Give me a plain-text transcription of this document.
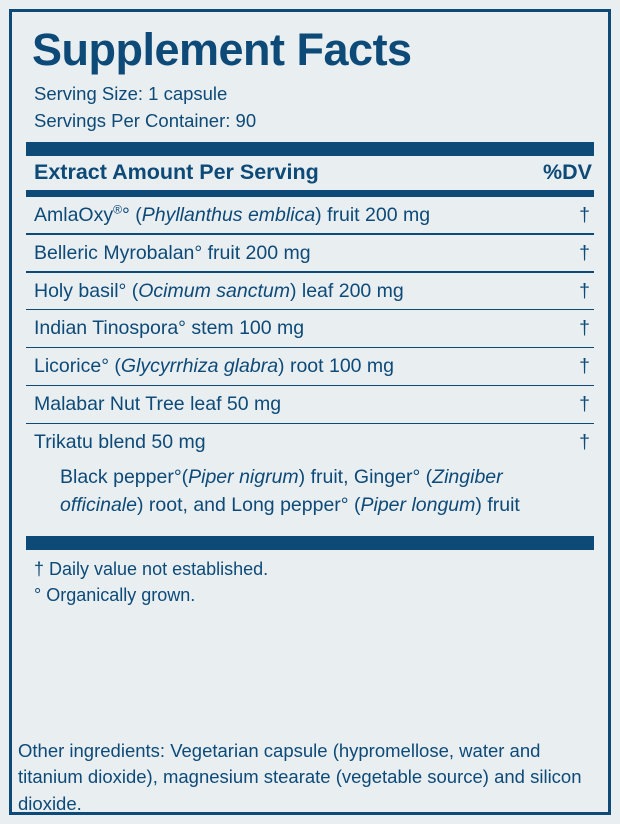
Supplement Facts
Serving Size: 1 capsule
Servings Per Container: 90
Extract Amount Per Serving	%DV
AmlaOxy®° (Phyllanthus emblica) fruit 200 mg	†
Belleric Myrobalan° fruit 200 mg	†
Holy basil° (Ocimum sanctum) leaf 200 mg	†
Indian Tinospora° stem 100 mg	†
Licorice° (Glycyrrhiza glabra) root 100 mg	†
Malabar Nut Tree leaf 50 mg	†
Trikatu blend 50 mg	†
Black pepper°(Piper nigrum) fruit, Ginger° (Zingiber officinale) root, and Long pepper° (Piper longum) fruit
† Daily value not established.
° Organically grown.
Other ingredients: Vegetarian capsule (hypromellose, water and titanium dioxide), magnesium stearate (vegetable source) and silicon dioxide.
